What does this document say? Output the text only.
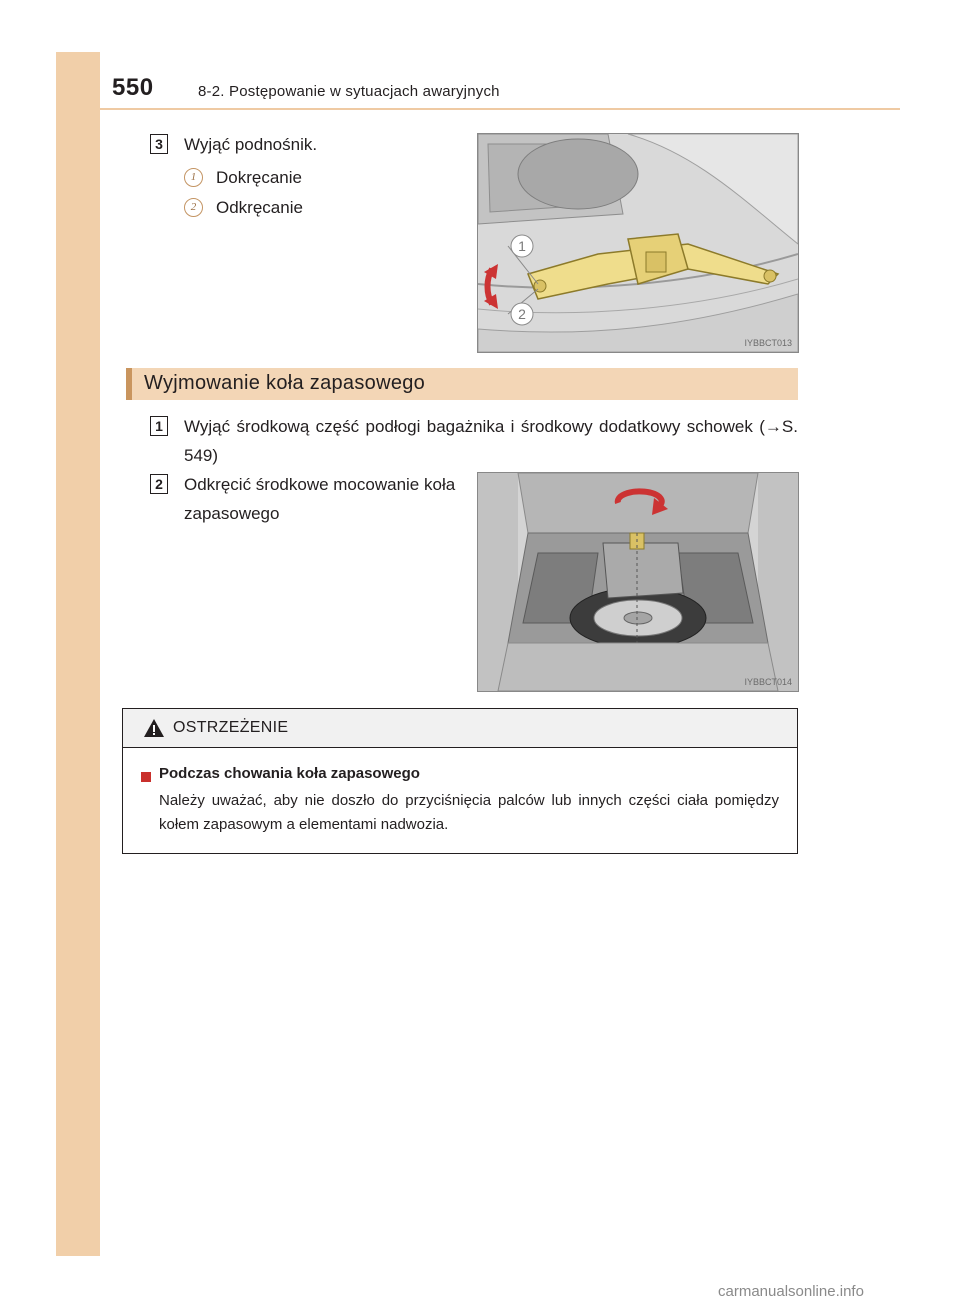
550	8-2. Postępowanie w sytuacjach awaryjnych
3	Wyjąć podnośnik.
1	Dokręcanie
2	Odkręcanie
1
2
IYBBCT013
Wyjmowanie koła zapasowego
1	Wyjąć środkową część podłogi bagażnika i środkowy dodatkowy schowek (→S. 549)
2	Odkręcić środkowe mocowanie koła zapasowego
IYBBCT014
OSTRZEŻENIE
Podczas chowania koła zapasowego
Należy uważać, aby nie doszło do przyciśnięcia palców lub innych części ciała pomiędzy kołem zapasowym a elementami nadwozia.
carmanualsonline.info
